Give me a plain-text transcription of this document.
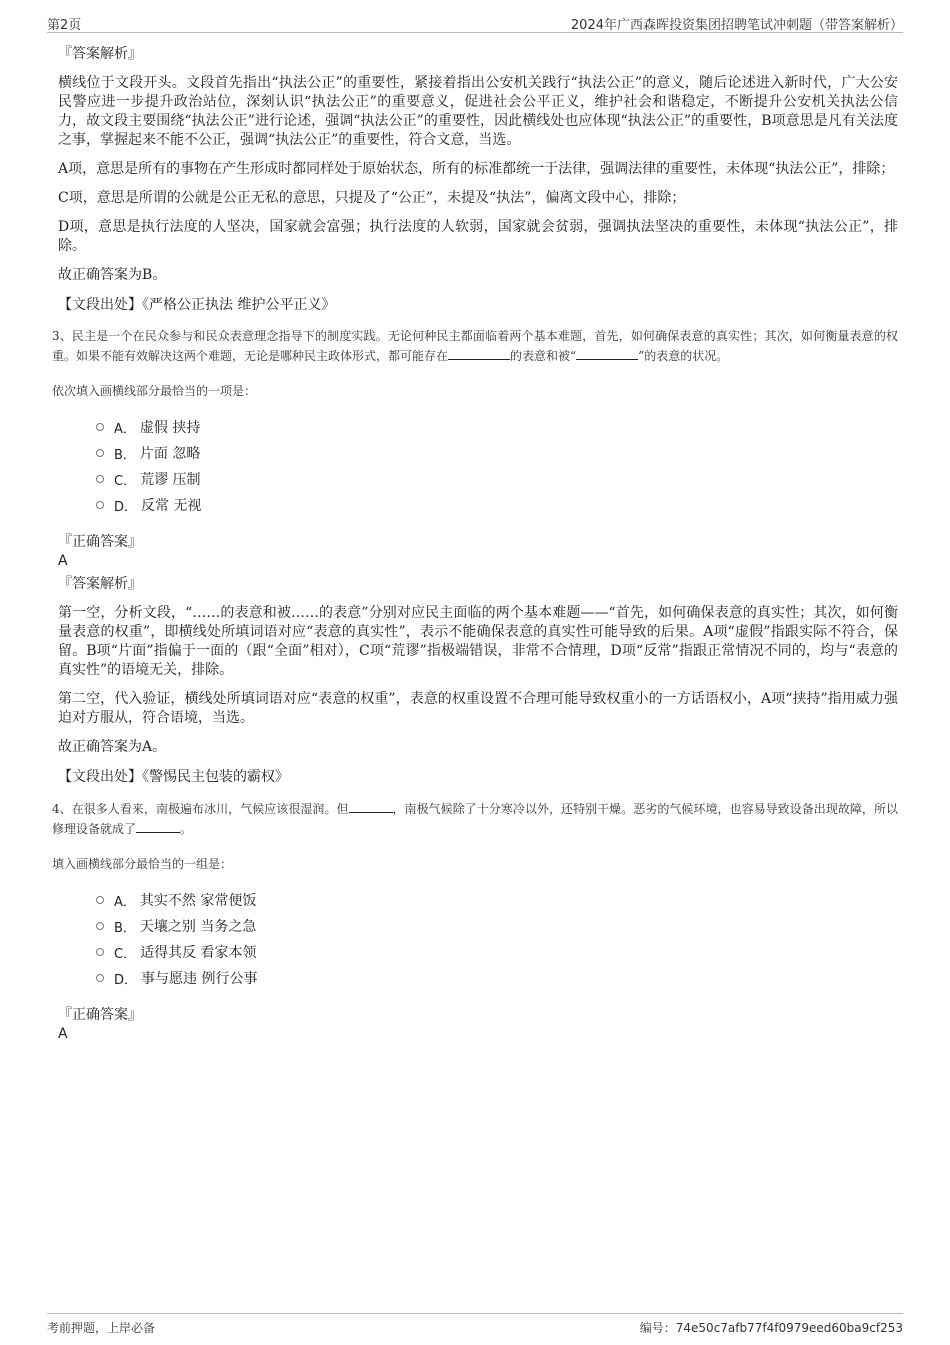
第2页	2024年广西森晖投资集团招聘笔试冲刺题（带答案解析）
『答案解析』

横线位于文段开头。文段首先指出“执法公正”的重要性，紧接着指出公安机关践行“执法公正”的意义，随后论述进入新时代，广大公安民警应进一步提升政治站位，深刻认识“执法公正”的重要意义，促进社会公平正义，维护社会和谐稳定，不断提升公安机关执法公信力，故文段主要围绕“执法公正”进行论述，强调“执法公正”的重要性，因此横线处也应体现“执法公正”的重要性，B项意思是凡有关法度之事，掌握起来不能不公正，强调“执法公正”的重要性，符合文意，当选。

A项，意思是所有的事物在产生形成时都同样处于原始状态，所有的标准都统一于法律，强调法律的重要性，未体现“执法公正”，排除；

C项，意思是所谓的公就是公正无私的意思，只提及了“公正”，未提及“执法”，偏离文段中心，排除；

D项，意思是执行法度的人坚决，国家就会富强；执行法度的人软弱，国家就会贫弱，强调执法坚决的重要性，未体现“执法公正”，排除。

故正确答案为B。

【文段出处】《严格公正执法 维护公平正义》

3、民主是一个在民众参与和民众表意理念指导下的制度实践。无论何种民主都面临着两个基本难题，首先，如何确保表意的真实性；其次，如何衡量表意的权重。如果不能有效解决这两个难题，无论是哪种民主政体形式，都可能存在	的表意和被“	”的表意的状况。

依次填入画横线部分最恰当的一项是：

A． 虚假 挟持
B． 片面 忽略
C． 荒谬 压制
D． 反常 无视
『正确答案』
A
『答案解析』

第一空，分析文段，“……的表意和被……的表意”分别对应民主面临的两个基本难题——“首先，如何确保表意的真实性；其次，如何衡量表意的权重”，即横线处所填词语对应“表意的真实性”，表示不能确保表意的真实性可能导致的后果。A项“虚假”指跟实际不符合，保留。B项“片面”指偏于一面的（跟“全面”相对），C项“荒谬”指极端错误，非常不合情理，D项“反常”指跟正常情况不同的，均与“表意的真实性”的语境无关，排除。

第二空，代入验证，横线处所填词语对应“表意的权重”，表意的权重设置不合理可能导致权重小的一方话语权小，A项“挟持”指用威力强迫对方服从，符合语境，当选。

故正确答案为A。

【文段出处】《警惕民主包装的霸权》

4、在很多人看来，南极遍布冰川，气候应该很湿润。但	，南极气候除了十分寒冷以外，还特别干燥。恶劣的气候环境，也容易导致设备出现故障，所以修理设备就成了	。

填入画横线部分最恰当的一组是：

A． 其实不然 家常便饭
B． 天壤之别 当务之急
C． 适得其反 看家本领
D． 事与愿违 例行公事
『正确答案』
A
考前押题，上岸必备	编号：74e50c7afb77f4f0979eed60ba9cf253
